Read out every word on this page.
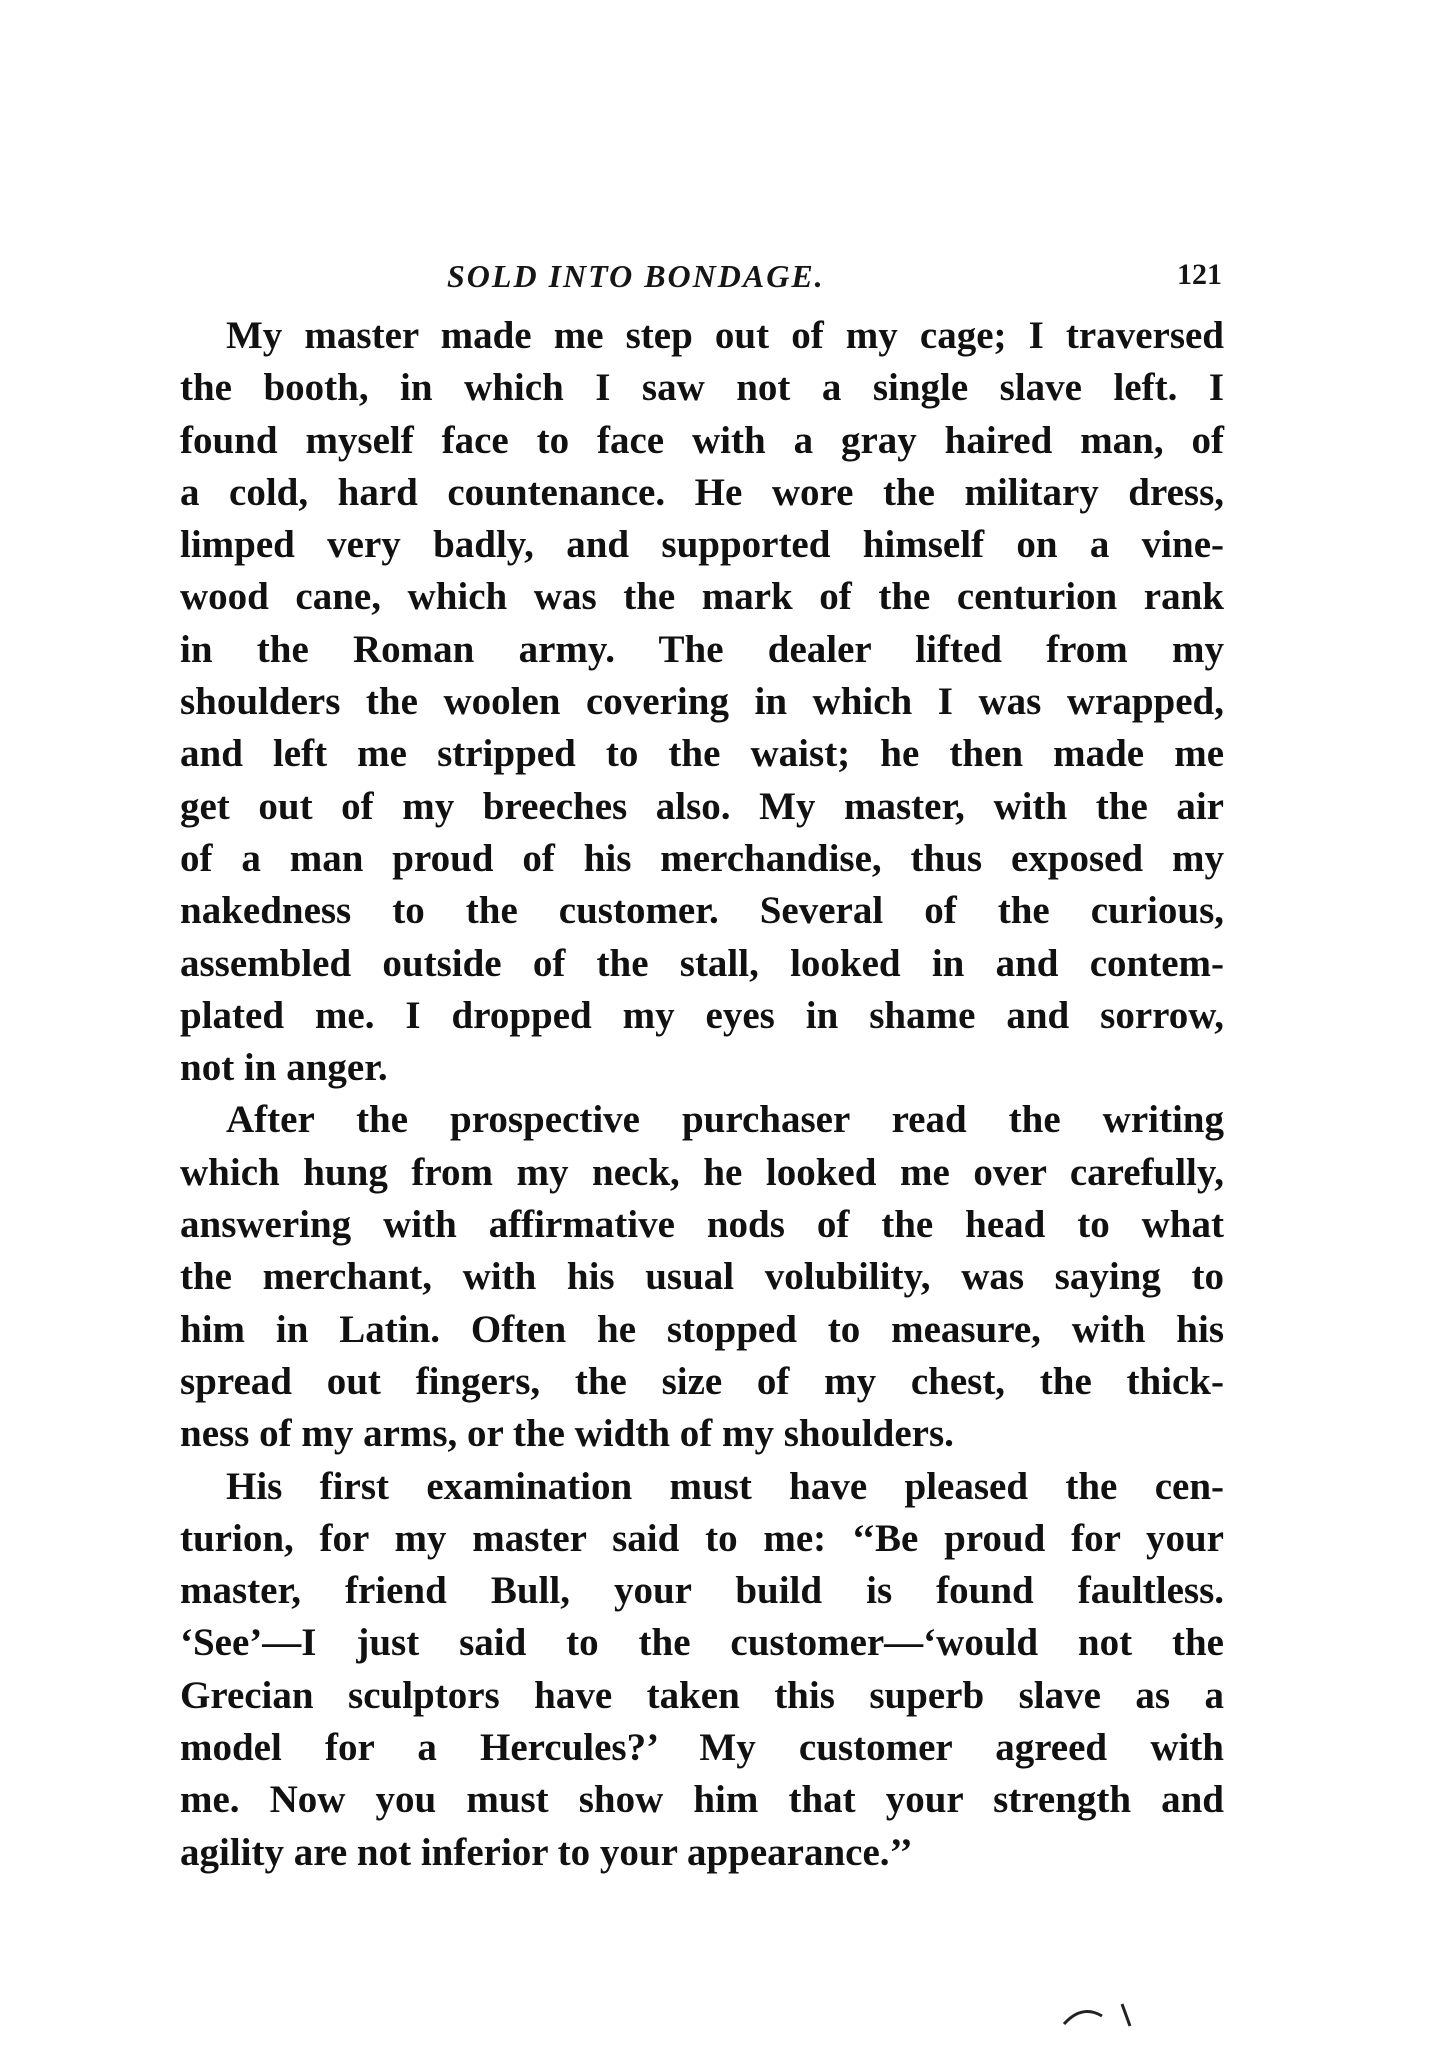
SOLD INTO BONDAGE.	121
My master made me step out of my cage; I traversed
the booth, in which I saw not a single slave left. I
found myself face to face with a gray haired man, of
a cold, hard countenance. He wore the military dress,
limped very badly, and supported himself on a vine-
wood cane, which was the mark of the centurion rank
in the Roman army. The dealer lifted from my
shoulders the woolen covering in which I was wrapped,
and left me stripped to the waist; he then made me
get out of my breeches also. My master, with the air
of a man proud of his merchandise, thus exposed my
nakedness to the customer. Several of the curious,
assembled outside of the stall, looked in and contem-
plated me. I dropped my eyes in shame and sorrow,
not in anger.
After the prospective purchaser read the writing
which hung from my neck, he looked me over carefully,
answering with affirmative nods of the head to what
the merchant, with his usual volubility, was saying to
him in Latin. Often he stopped to measure, with his
spread out fingers, the size of my chest, the thick-
ness of my arms, or the width of my shoulders.
His first examination must have pleased the cen-
turion, for my master said to me: ‘‘Be proud for your
master, friend Bull, your build is found faultless.
‘See’—I just said to the customer—‘would not the
Grecian sculptors have taken this superb slave as a
model for a Hercules?’ My customer agreed with
me. Now you must show him that your strength and
agility are not inferior to your appearance.’’
